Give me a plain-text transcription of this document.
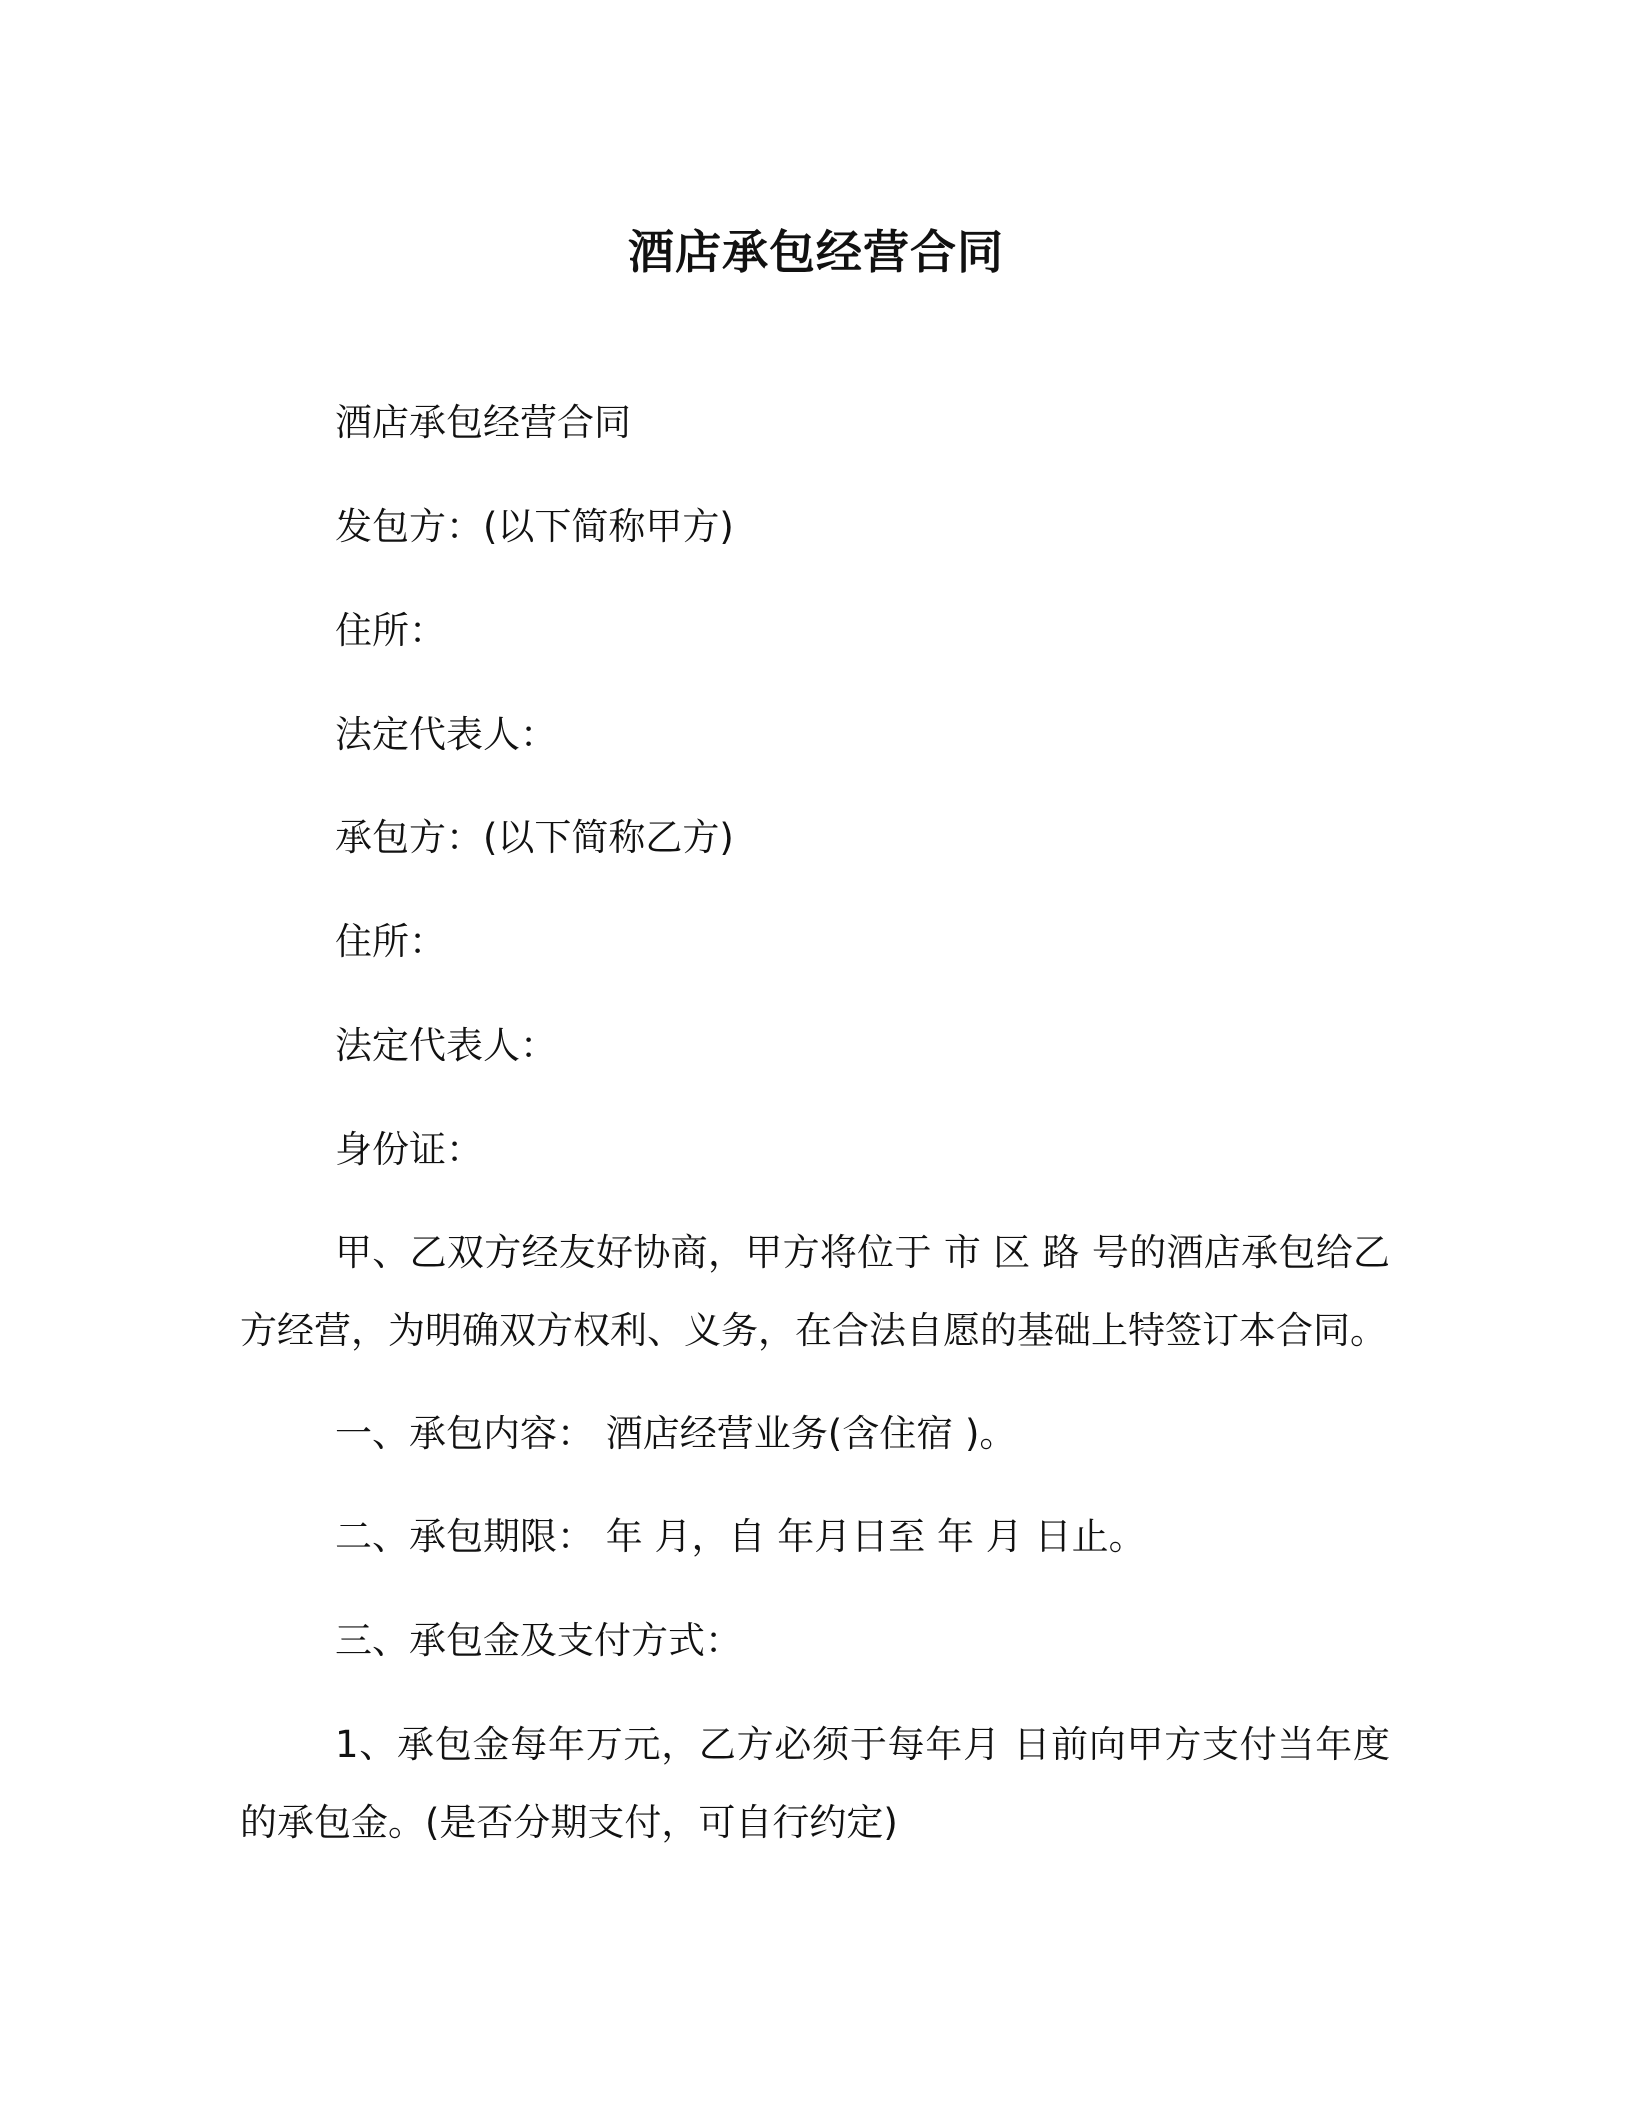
酒店承包经营合同
酒店承包经营合同
发包方：(以下简称甲方)
住所：
法定代表人：
承包方：(以下简称乙方)
住所：
法定代表人：
身份证：
甲、乙双方经友好协商，甲方将位于 市 区 路 号的酒店承包给乙方经营，为明确双方权利、义务，在合法自愿的基础上特签订本合同。
一、承包内容： 酒店经营业务(含住宿 )。
二、承包期限： 年 月，自 年月日至 年 月 日止。
三、承包金及支付方式：
1、承包金每年万元，乙方必须于每年月 日前向甲方支付当年度的承包金。(是否分期支付，可自行约定)
